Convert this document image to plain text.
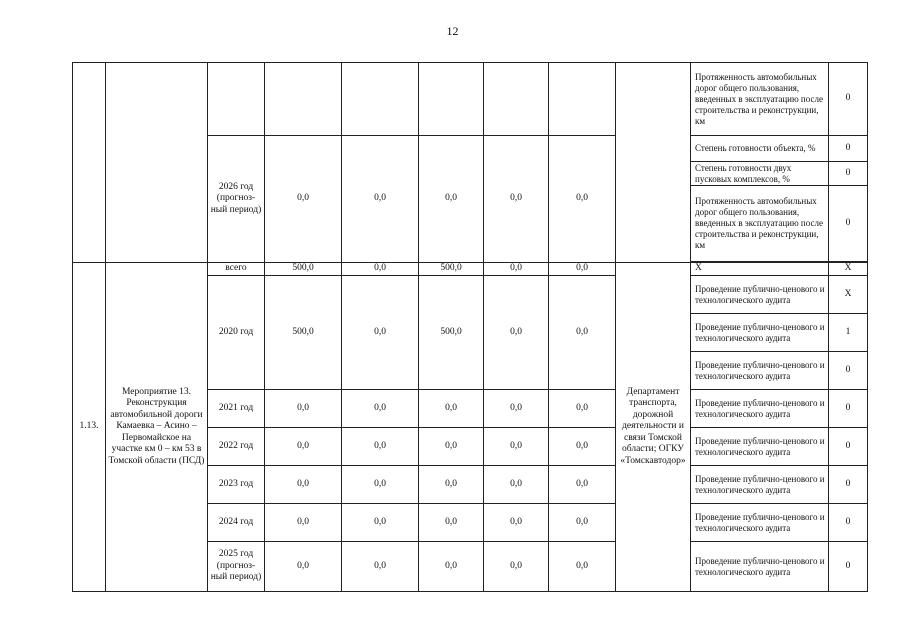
12
									Протяженность автомобильных дорог общего пользования, введенных в эксплуатацию после строительства и реконструкции, км	0
		2026 год (прогноз-ный период)	0,0	0,0	0,0	0,0	0,0		Степень готовности объекта, %	0
									Степень готовности двух пусковых комплексов, %	0
									Протяженность автомобильных дорог общего пользования, введенных в эксплуатацию после строительства и реконструкции, км	0

1.13.	Мероприятие 13. Реконструкция автомобильной дороги Камаевка – Асино – Первомайское на участке км 0 – км 53 в Томской области (ПСД)	всего	500,0	0,0	500,0	0,0	0,0	Департамент транспорта, дорожной деятельности и связи Томской области; ОГКУ «Томскавтодор»	Х	Х
		2020 год	500,0	0,0	500,0	0,0	0,0		Проведение публично-ценового и технологического аудита	Х
									Проведение публично-ценового и технологического аудита	1
									Проведение публично-ценового и технологического аудита	0
		2021 год	0,0	0,0	0,0	0,0	0,0		Проведение публично-ценового и технологического аудита	0
		2022 год	0,0	0,0	0,0	0,0	0,0		Проведение публично-ценового и технологического аудита	0
		2023 год	0,0	0,0	0,0	0,0	0,0		Проведение публично-ценового и технологического аудита	0
		2024 год	0,0	0,0	0,0	0,0	0,0		Проведение публично-ценового и технологического аудита	0
		2025 год (прогноз-ный период)	0,0	0,0	0,0	0,0	0,0		Проведение публично-ценового и технологического аудита	0
